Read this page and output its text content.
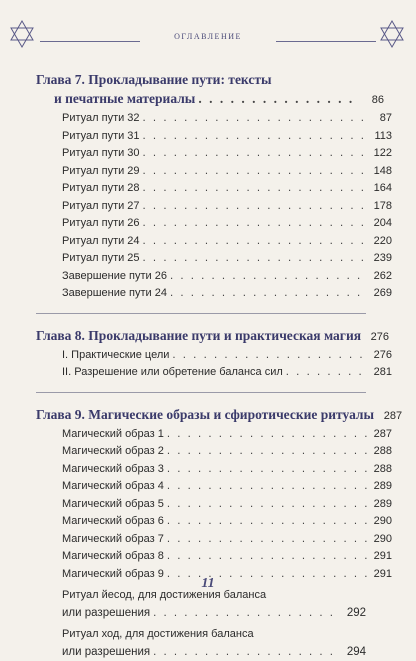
оглавление
Глава 7. Прокладывание пути: тексты
и печатные материалы . . .	86
Ритуал пути 32 . . .	87
Ритуал пути 31 . . .	113
Ритуал пути 30 . . .	122
Ритуал пути 29 . . .	148
Ритуал пути 28 . . .	164
Ритуал пути 27 . . .	178
Ритуал пути 26 . . .	204
Ритуал пути 24 . . .	220
Ритуал пути 25 . . .	239
Завершение пути 26 . . .	262
Завершение пути 24 . . .	269
Глава 8. Прокладывание пути и практическая магия 276
I. Практические цели . . .	276
II. Разрешение или обретение баланса сил . . .	281
Глава 9. Магические образы и сфиротические ритуалы 287
Магический образ 1 . . .	287
Магический образ 2 . . .	288
Магический образ 3 . . .	288
Магический образ 4 . . .	289
Магический образ 5 . . .	289
Магический образ 6 . . .	290
Магический образ 7 . . .	290
Магический образ 8 . . .	291
Магический образ 9 . . .	291
Ритуал йесод, для достижения баланса
или разрешения . . .	292
Ритуал ход, для достижения баланса
или разрешения . . .	294
11
